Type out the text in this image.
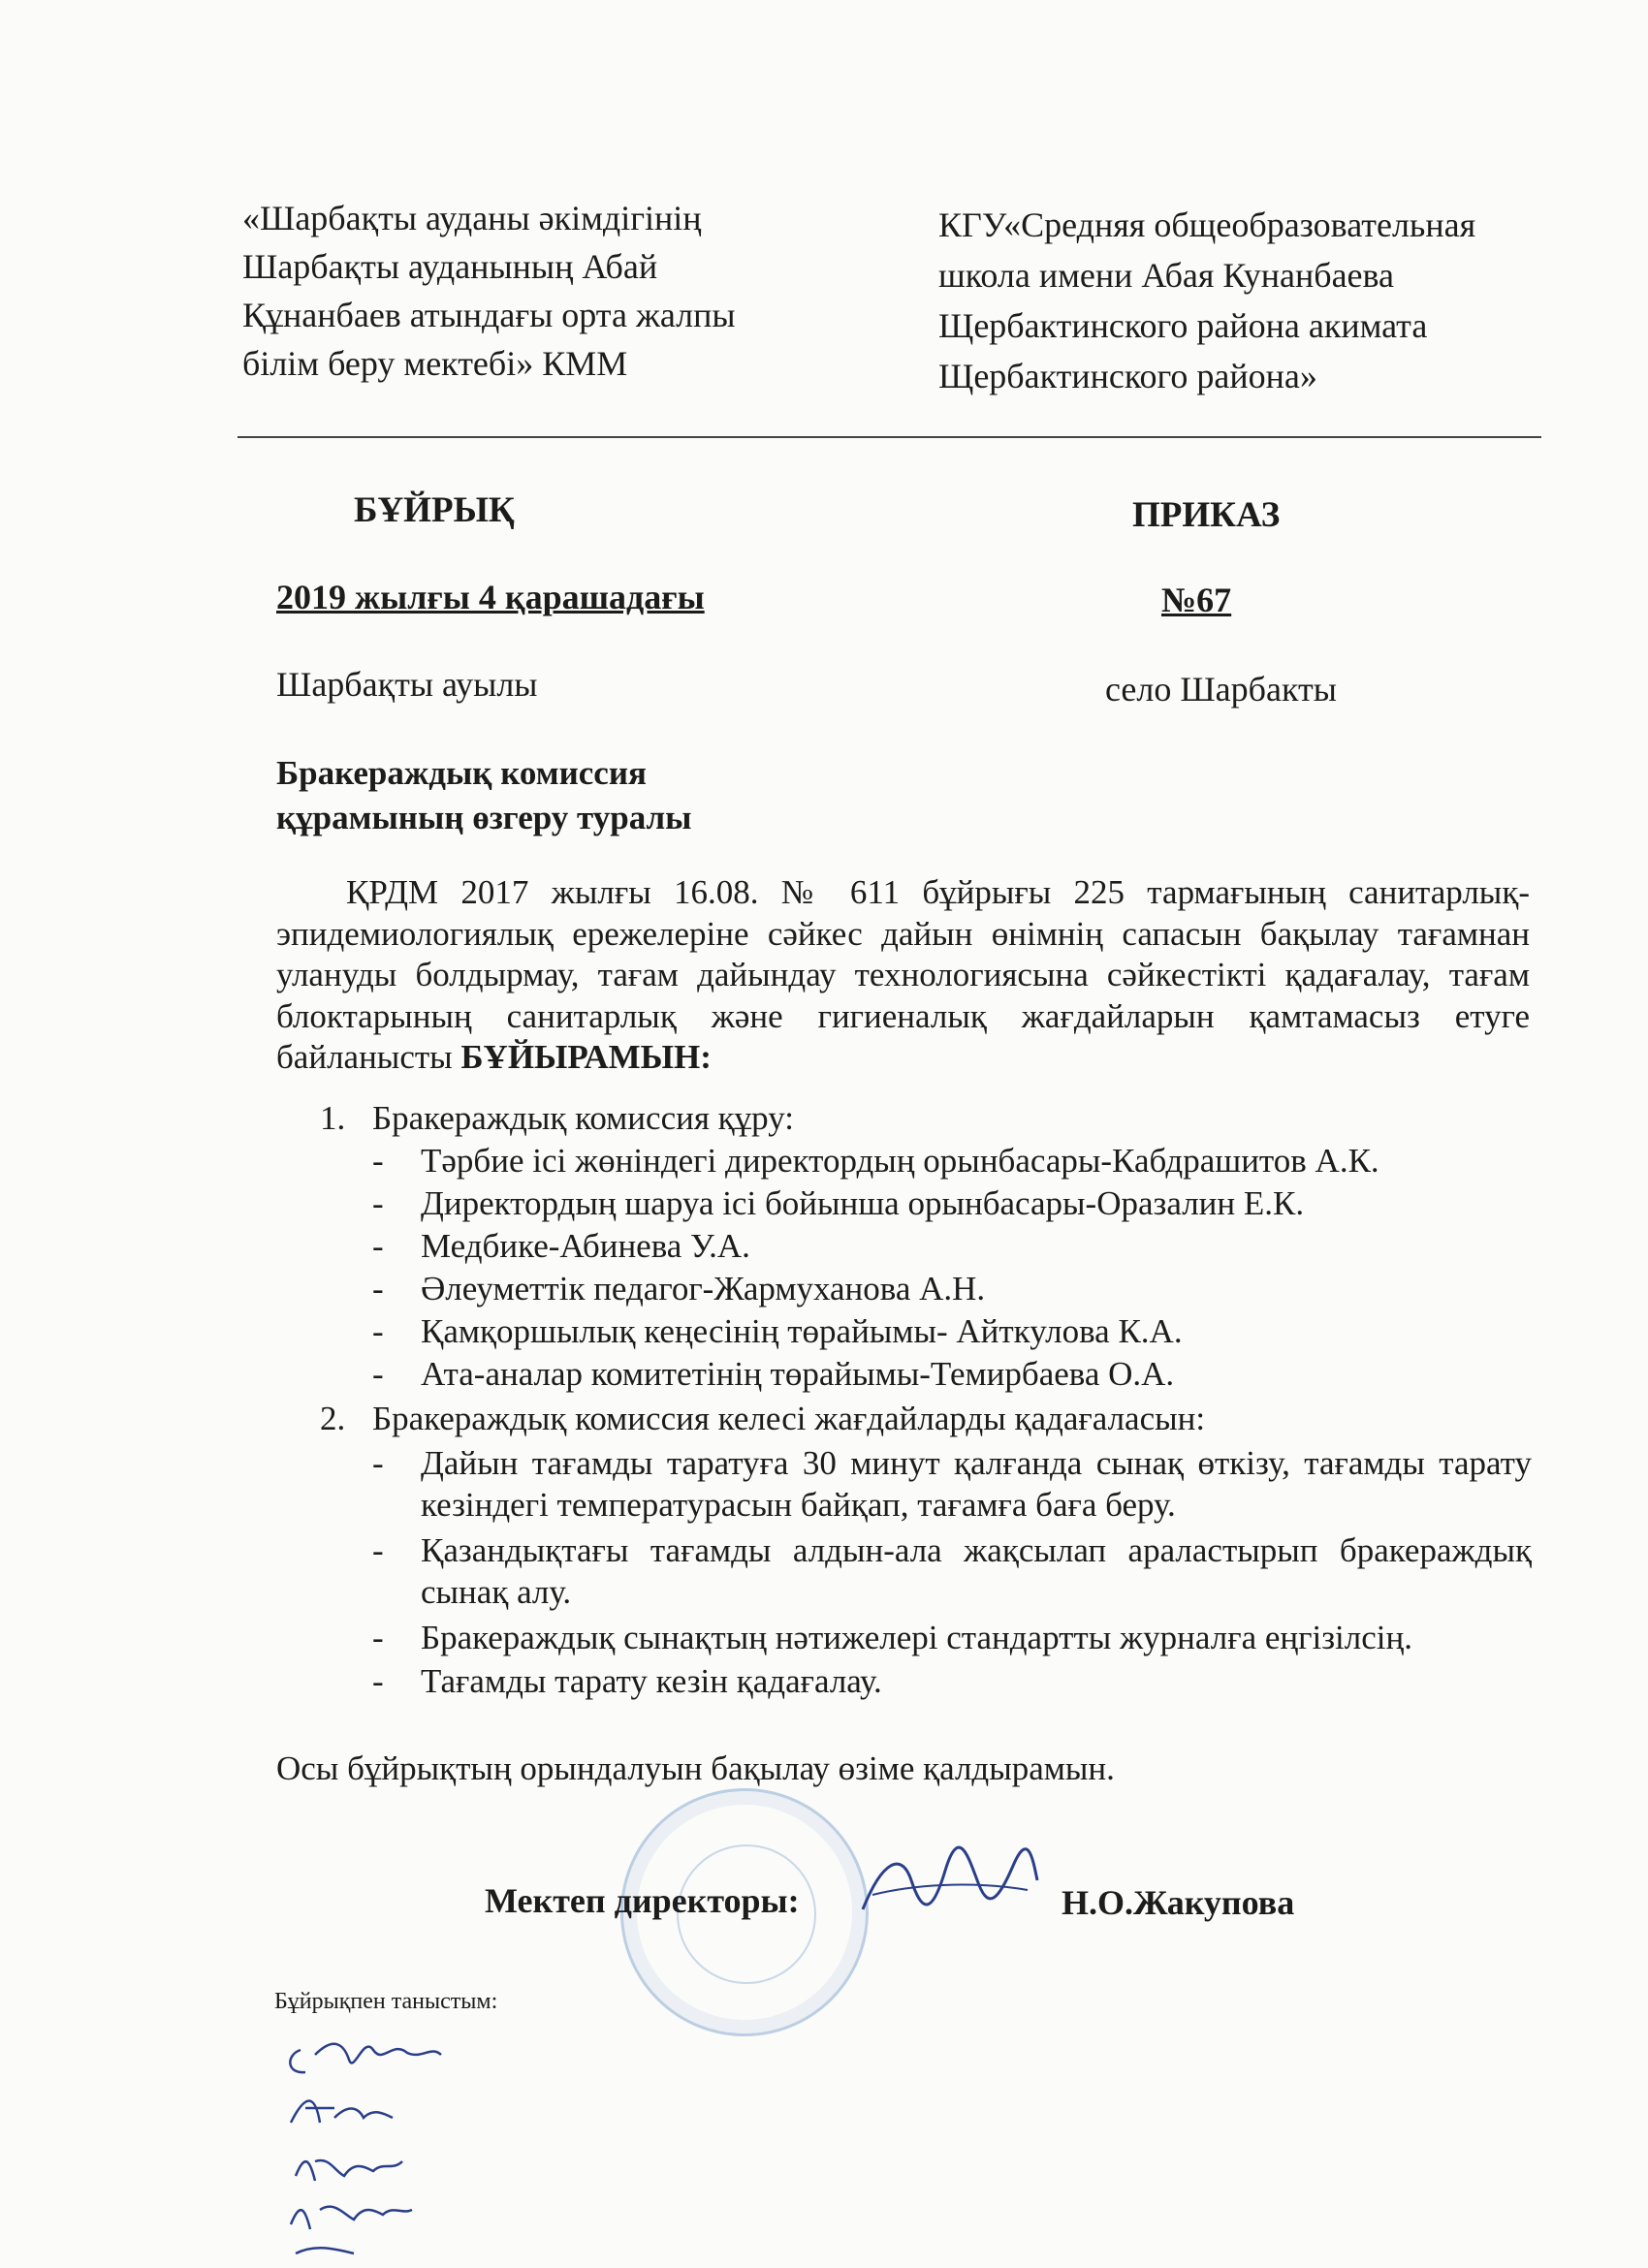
«Шарбақты ауданы әкімдігінің
Шарбақты ауданының Абай
Құнанбаев атындағы орта жалпы
білім беру мектебі» КММ
КГУ«Средняя общеобразовательная
школа имени Абая Кунанбаева
Щербактинского района акимата
Щербактинского района»
БҰЙРЫҚ	ПРИКАЗ
2019 жылғы 4 қарашадағы	№67
Шарбақты ауылы	село Шарбакты
Бракераждық комиссия
құрамының өзгеру туралы
ҚРДМ 2017 жылғы 16.08. № 611 бұйрығы 225 тармағының санитарлық-эпидемиологиялық ережелеріне сәйкес дайын өнімнің сапасын бақылау тағамнан улануды болдырмау, тағам дайындау технологиясына сәйкестікті қадағалау, тағам блоктарының санитарлық және гигиеналық жағдайларын қамтамасыз етуге байланысты БҰЙЫРАМЫН:
1. Бракераждық комиссия құру:
- Тәрбие ісі жөніндегі директордың орынбасары-Кабдрашитов А.К.
- Директордың шаруа ісі бойынша орынбасары-Оразалин Е.К.
- Медбике-Абинева У.А.
- Әлеуметтік педагог-Жармуханова А.Н.
- Қамқоршылық кеңесінің төрайымы- Айткулова К.А.
- Ата-аналар комитетінің төрайымы-Темирбаева О.А.
2. Бракераждық комиссия келесі жағдайларды қадағаласын:
- Дайын тағамды таратуға 30 минут қалғанда сынақ өткізу, тағамды тарату кезіндегі температурасын байқап, тағамға баға беру.
- Қазандықтағы тағамды алдын-ала жақсылап араластырып бракераждық сынақ алу.
- Бракераждық сынақтың нәтижелері стандартты журналға еңгізілсің.
- Тағамды тарату кезін қадағалау.
Осы бұйрықтың орындалуын бақылау өзіме қалдырамын.
Мектеп директоры:	Н.О.Жакупова
Бұйрықпен таныстым:
